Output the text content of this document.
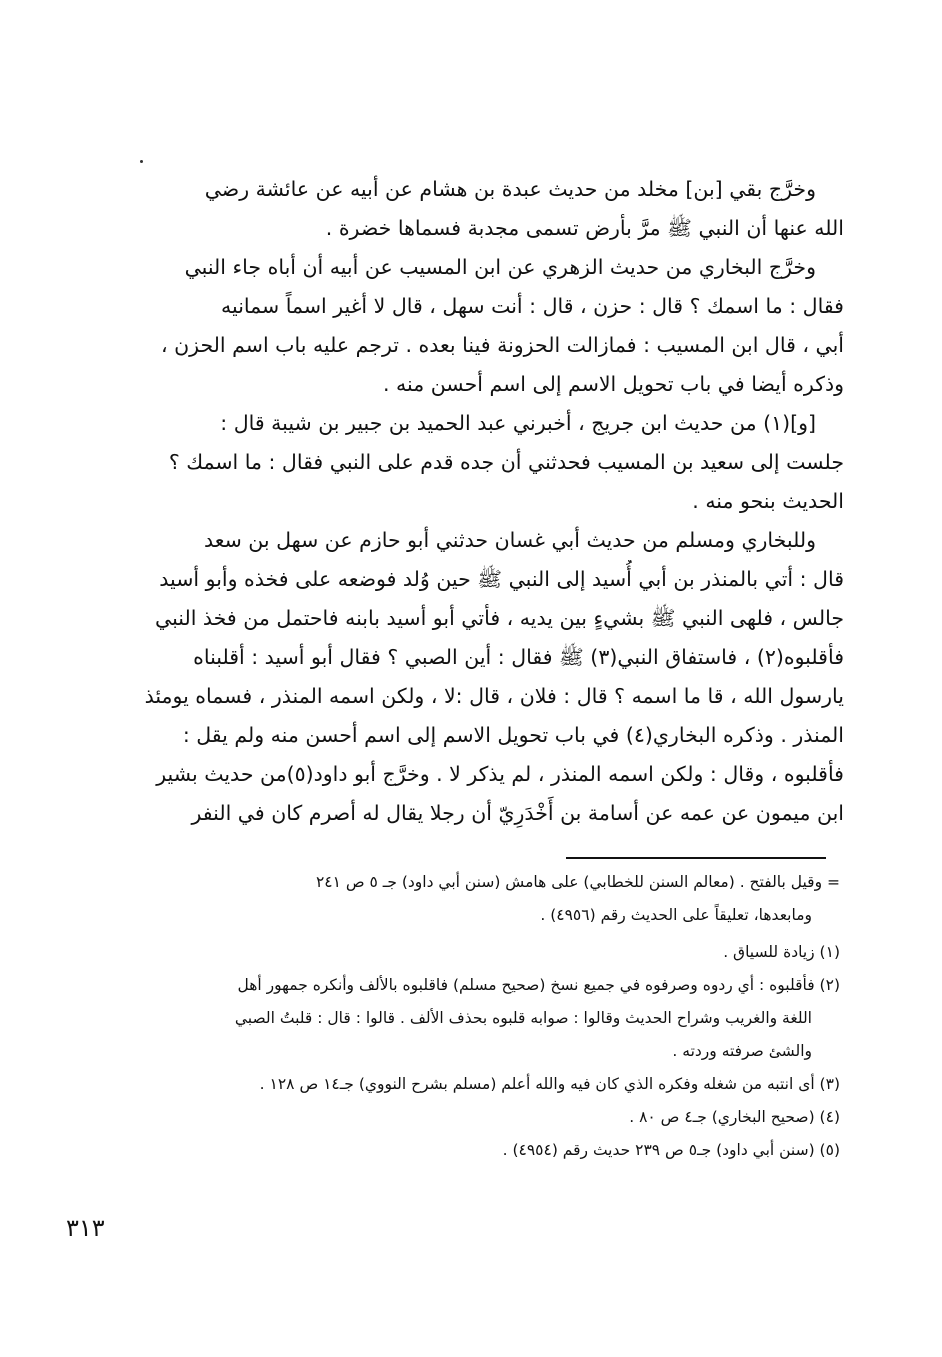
وخرَّج بقي [بن] مخلد من حديث عبدة بن هشام عن أبيه عن عائشة رضي
الله عنها أن النبي ﷺ مرَّ بأرض تسمى مجدبة فسماها خضرة .
وخرَّج البخاري من حديث الزهري عن ابن المسيب عن أبيه أن أباه جاء النبي
فقال : ما اسمك ؟ قال : حزن ، قال : أنت سهل ، قال لا أغير اسماً سمانيه
أبي ، قال ابن المسيب : فمازالت الحزونة فينا بعده . ترجم عليه باب اسم الحزن ،
وذكره أيضا في باب تحويل الاسم إلى اسم أحسن منه .
[و](١) من حديث ابن جريج ، أخبرني عبد الحميد بن جبير بن شيبة قال :
جلست إلى سعيد بن المسيب فحدثني أن جده قدم على النبي فقال : ما اسمك ؟
الحديث بنحو منه .
وللبخاري ومسلم من حديث أبي غسان حدثني أبو حازم عن سهل بن سعد
قال : أتي بالمنذر بن أبي أُسيد إلى النبي ﷺ حين وُلد فوضعه على فخذه وأبو أسيد
جالس ، فلهى النبي ﷺ بشيءٍ بين يديه ، فأتي أبو أسيد بابنه فاحتمل من فخذ النبي
فأقلبوه(٢) ، فاستفاق النبي(٣) ﷺ فقال : أين الصبي ؟ فقال أبو أسيد : أقلبناه
يارسول الله ، قا ما اسمه ؟ قال : فلان ، قال :لا ، ولكن اسمه المنذر ، فسماه يومئذ
المنذر . وذكره البخاري(٤) في باب تحويل الاسم إلى اسم أحسن منه ولم يقل :
فأقلبوه ، وقال : ولكن اسمه المنذر ، لم يذكر لا . وخرَّج أبو داود(٥)من حديث بشير
ابن ميمون عن عمه عن أسامة بن أَخْدَرِيّ أن رجلا يقال له أصرم كان في النفر
= وقيل بالفتح . (معالم السنن للخطابي) على هامش (سنن أبي داود) جـ ٥ ص ٢٤١
ومابعدها، تعليقاً على الحديث رقم (٤٩٥٦) .
(١) زيادة للسياق .
(٢) فأقلبوه : أي ردوه وصرفوه في جميع نسخ (صحيح مسلم) فاقلبوه بالألف وأنكره جمهور أهل
اللغة والغريب وشراح الحديث وقالوا : صوابه قلبوه بحذف الألف . قالوا : قال : قلبتُ الصبي
والشئ صرفته وردته .
(٣) أى انتبه من شغله وفكره الذي كان فيه والله أعلم (مسلم بشرح النووي) جـ١٤ ص ١٢٨ .
(٤) (صحيح البخاري) جـ٤ ص ٨٠ .
(٥) (سنن أبي داود) جـ٥ ص ٢٣٩ حديث رقم (٤٩٥٤) .
٣١٣
